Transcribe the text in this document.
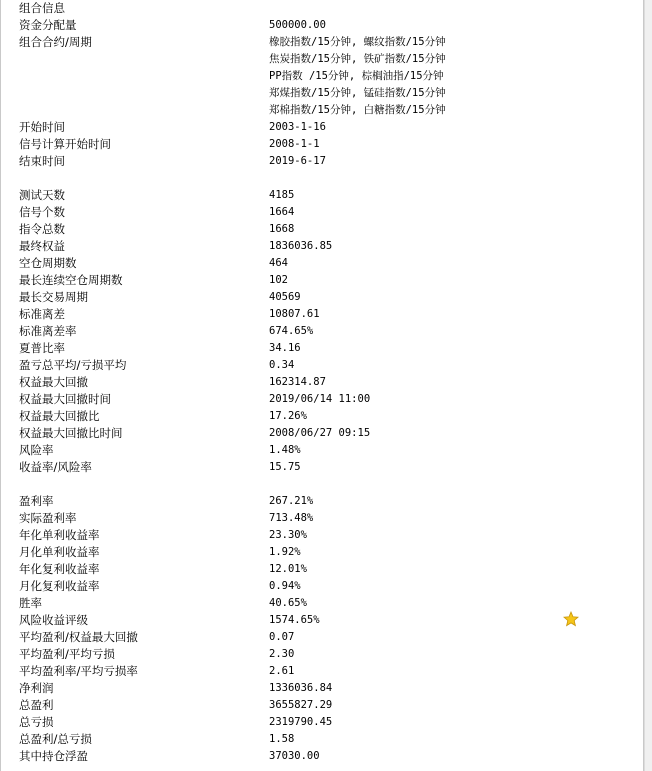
组合信息
资金分配量	500000.00
组合合约/周期	橡胶指数/15分钟, 螺纹指数/15分钟
焦炭指数/15分钟, 铁矿指数/15分钟
PP指数 /15分钟, 棕榈油指/15分钟
郑煤指数/15分钟, 锰硅指数/15分钟
郑棉指数/15分钟, 白糖指数/15分钟
开始时间	2003-1-16
信号计算开始时间	2008-1-1
结束时间	2019-6-17
测试天数	4185
信号个数	1664
指令总数	1668
最终权益	1836036.85
空仓周期数	464
最长连续空仓周期数	102
最长交易周期	40569
标准离差	10807.61
标准离差率	674.65%
夏普比率	34.16
盈亏总平均/亏损平均	0.34
权益最大回撤	162314.87
权益最大回撤时间	2019/06/14 11:00
权益最大回撤比	17.26%
权益最大回撤比时间	2008/06/27 09:15
风险率	1.48%
收益率/风险率	15.75
盈利率	267.21%
实际盈利率	713.48%
年化单利收益率	23.30%
月化单利收益率	1.92%
年化复利收益率	12.01%
月化复利收益率	0.94%
胜率	40.65%
风险收益评级	1574.65%
平均盈利/权益最大回撤	0.07
平均盈利/平均亏损	2.30
平均盈利率/平均亏损率	2.61
净利润	1336036.84
总盈利	3655827.29
总亏损	2319790.45
总盈利/总亏损	1.58
其中持仓浮盈	37030.00
